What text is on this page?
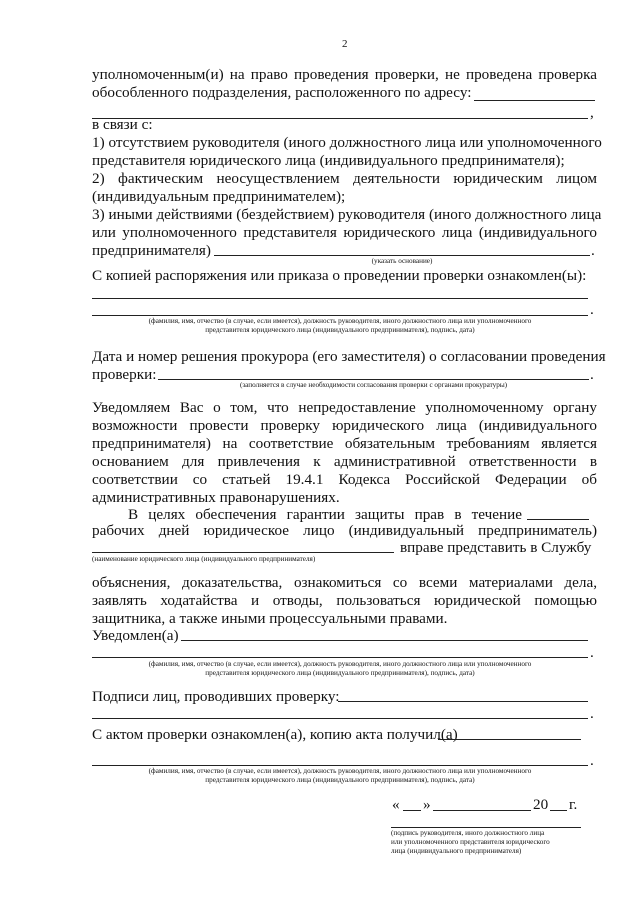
2
уполномоченным(и) на право проведения проверки, не проведена проверка
обособленного подразделения, расположенного по адресу:
,
в связи с:
1) отсутствием руководителя (иного должностного лица или уполномоченного
представителя юридического лица (индивидуального предпринимателя);
2) фактическим неосуществлением деятельности юридическим лицом
(индивидуальным предпринимателем);
3) иными действиями (бездействием) руководителя (иного должностного лица
или уполномоченного представителя юридического лица (индивидуального
предпринимателя)	.
(указать основание)
С копией распоряжения или приказа о проведении проверки ознакомлен(ы):
.
(фамилия, имя, отчество (в случае, если имеется), должность руководителя, иного должностного лица или уполномоченного
представителя юридического лица (индивидуального предпринимателя), подпись, дата)
Дата и номер решения прокурора (его заместителя) о согласовании проведения
проверки:	.
(заполняется в случае необходимости согласования проверки с органами прокуратуры)
Уведомляем Вас о том, что непредоставление уполномоченному органу
возможности провести проверку юридического лица (индивидуального
предпринимателя) на соответствие обязательным требованиям является
основанием для привлечения к административной ответственности в
соответствии со статьей 19.4.1 Кодекса Российской Федерации об
административных правонарушениях.
В целях обеспечения гарантии защиты прав в течение
рабочих дней юридическое лицо (индивидуальный предприниматель)
вправе представить в Службу
(наименование юридического лица (индивидуального предпринимателя)
объяснения, доказательства, ознакомиться со всеми материалами дела,
заявлять ходатайства и отводы, пользоваться юридической помощью
защитника, а также иными процессуальными правами.
Уведомлен(а)
.
(фамилия, имя, отчество (в случае, если имеется), должность руководителя, иного должностного лица или уполномоченного
представителя юридического лица (индивидуального предпринимателя), подпись, дата)
Подписи лиц, проводивших проверку:
.
С актом проверки ознакомлен(а), копию акта получил(а)
.
(фамилия, имя, отчество (в случае, если имеется), должность руководителя, иного должностного лица или уполномоченного
представителя юридического лица (индивидуального предпринимателя), подпись, дата)
« »	20 г.
(подпись руководителя, иного должностного лица
или уполномоченного представителя юридического
лица (индивидуального предпринимателя)
